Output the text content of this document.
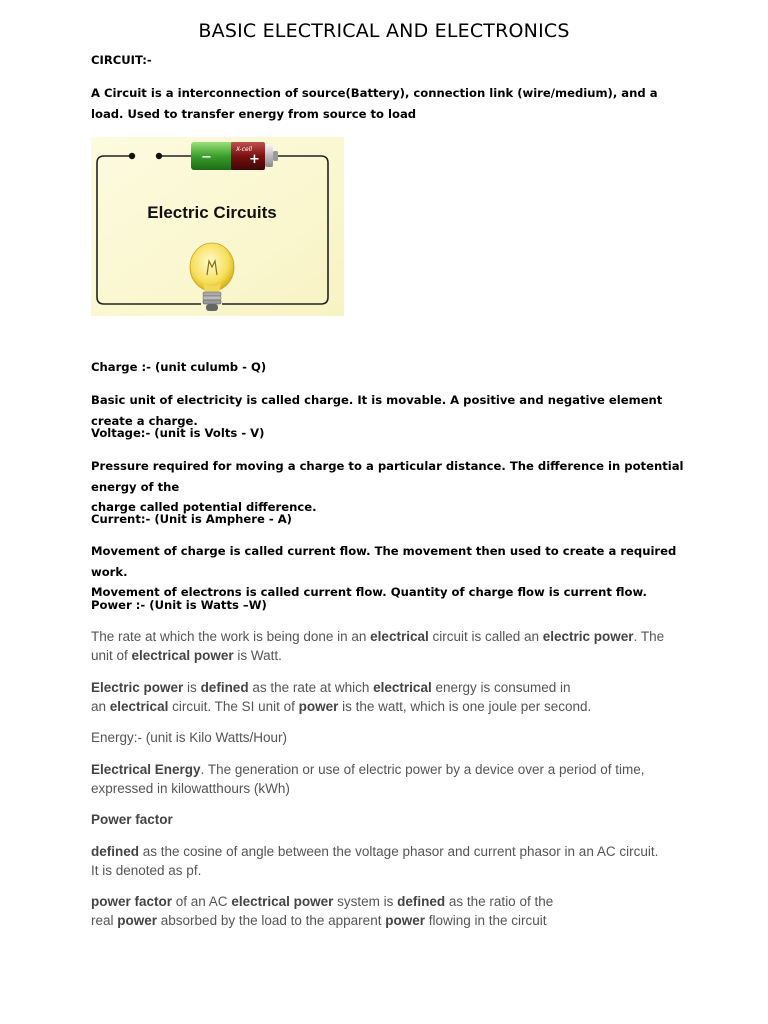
BASIC ELECTRICAL AND ELECTRONICS
CIRCUIT:-
A Circuit is a interconnection of source(Battery), connection link (wire/medium), and a load. Used to transfer energy from source to load
−	+
X-cell
Electric Circuits
Charge :- (unit culumb - Q)
Basic unit of electricity is called charge. It is movable. A positive and negative element create a charge.
Voltage:- (unit is Volts - V)
Pressure required for moving a charge to a particular distance. The difference in potential energy of the
charge called potential difference.
Current:- (Unit is Amphere - A)
Movement of charge is called current flow. The movement then used to create a required work.
Movement of electrons is called current flow. Quantity of charge flow is current flow.
Power :- (Unit is Watts –W)
The rate at which the work is being done in an electrical circuit is called an electric power. The
unit of electrical power is Watt.
Electric power is defined as the rate at which electrical energy is consumed in
an electrical circuit. The SI unit of power is the watt, which is one joule per second.
Energy:- (unit is Kilo Watts/Hour)
Electrical Energy. The generation or use of electric power by a device over a period of time,
expressed in kilowatthours (kWh)
Power factor
defined as the cosine of angle between the voltage phasor and current phasor in an AC circuit.
It is denoted as pf.
power factor of an AC electrical power system is defined as the ratio of the
real power absorbed by the load to the apparent power flowing in the circuit
